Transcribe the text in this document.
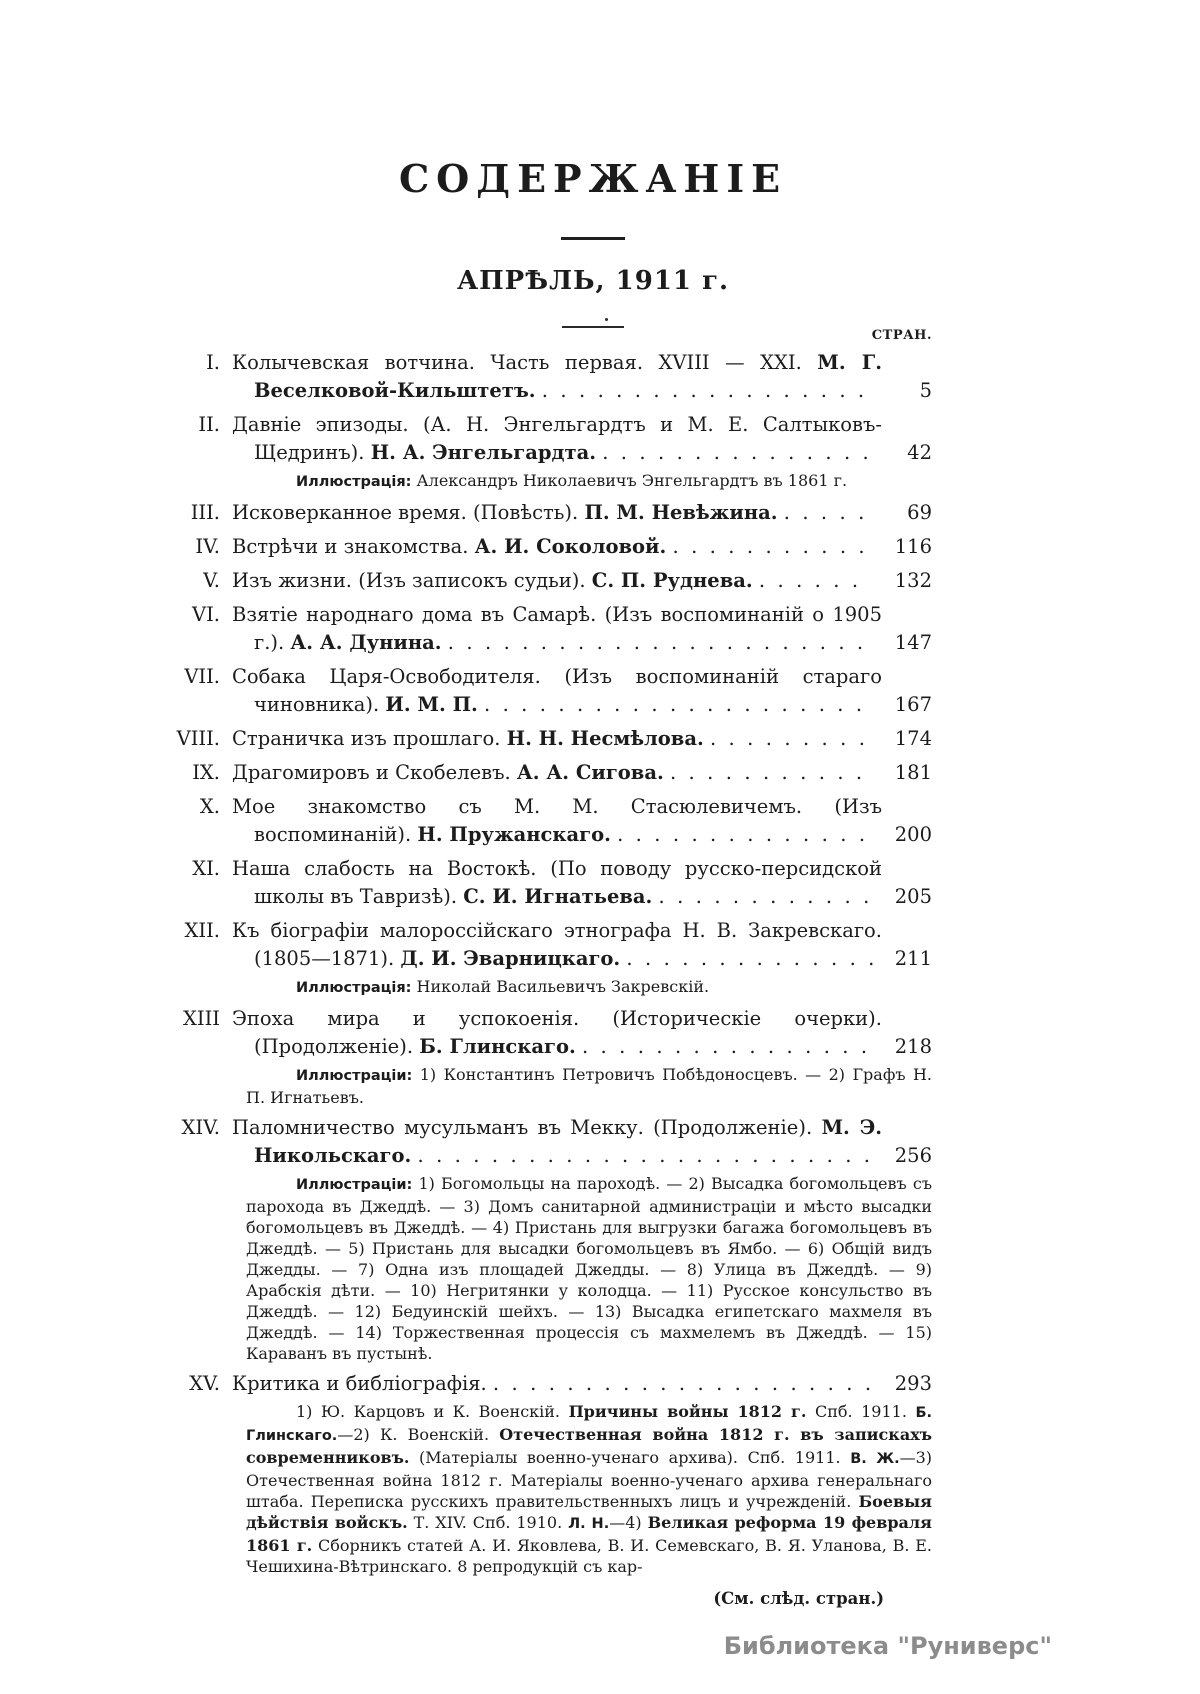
СОДЕРЖАНІЕ
АПРѢЛЬ, 1911 г.
СТРАН.
I. Колычевская вотчина. Часть первая. XVIII — XXI. М. Г. Веселковой-Кильштетъ. .  .  .  .  .  .  .  .  .  .  .  .  .  .  .  .  .  .	5
II. Давніе эпизоды. (А. Н. Энгельгардтъ и М. Е. Салтыковъ-Щедринъ). Н. А. Энгельгардта. .  .  .  .  .  .  .  .  .  .  .  .  .  .  .	42
Иллюстрація: Александръ Николаевичъ Энгельгардтъ въ 1861 г.
III. Исковерканное время. (Повѣсть). П. М. Невѣжина. .  .  .  .  .	69
IV. Встрѣчи и знакомства. А. И. Соколовой. .  .  .  .  .  .  .  .  .  .  .	116
V. Изъ жизни. (Изъ записокъ судьи). С. П. Руднева. .  .  .  .  .  .	132
VI. Взятіе народнаго дома въ Самарѣ. (Изъ воспоминаній о 1905 г.). А. А. Дунина. .  .  .  .  .  .  .  .  .  .  .  .  .  .  .  .  .  .  .  .  .  .  .	147
VII. Собака Царя-Освободителя. (Изъ воспоминаній стараго чиновника). И. М. П. .  .  .  .  .  .  .  .  .  .  .  .  .  .  .  .  .  .  .  .  .	167
VIII. Страничка изъ прошлаго. Н. Н. Несмѣлова. .  .  .  .  .  .  .  .  .	174
IX. Драгомировъ и Скобелевъ. А. А. Сигова. .  .  .  .  .  .  .  .  .  .  .	181
X. Мое знакомство съ М. М. Стасюлевичемъ. (Изъ воспоминаній). Н. Пружанскаго. .  .  .  .  .  .  .  .  .  .  .  .  .  .	200
XI. Наша слабость на Востокѣ. (По поводу русско-персидской школы въ Тавризѣ). С. И. Игнатьева. .  .  .  .  .  .  .  .  .  .  .  . 205
XII. Къ біографіи малороссійскаго этнографа Н. В. Закревскаго. (1805—1871). Д. И. Эварницкаго. .  .  .  .  .  .  .  .  .  .  .  .  .  . 211
Иллюстрація: Николай Васильевичъ Закревскій.
XIII Эпоха мира и успокоенія. (Историческіе очерки). (Продолженіе). Б. Глинскаго. .  .  .  .  .  .  .  .  .  .  .  .  .  .  .  .	218
Иллюстраціи: 1) Константинъ Петровичъ Побѣдоносцевъ. — 2) Графъ Н. П. Игнатьевъ.
XIV. Паломничество мусульманъ въ Мекку. (Продолженіе). М. Э. Никольскаго. .  .  .  .  .  .  .  .  .  .  .  .  .  .  .  .  .  .  .  .  .  .  .  .  . 256
Иллюстраціи: 1) Богомольцы на пароходѣ. — 2) Высадка богомольцевъ съ парохода въ Джеддѣ. — 3) Домъ санитарной администраціи и мѣсто высадки богомольцевъ въ Джеддѣ. — 4) Пристань для выгрузки багажа богомольцевъ въ Джеддѣ. — 5) Пристань для высадки богомольцевъ въ Ямбо. — 6) Общій видъ Джедды. — 7) Одна изъ площадей Джедды. — 8) Улица въ Джеддѣ. — 9) Арабскія дѣти. — 10) Негритянки у колодца. — 11) Русское консульство въ Джеддѣ. — 12) Бедуинскій шейхъ. — 13) Высадка египетскаго махмеля въ Джеддѣ. — 14) Торжественная процессія съ махмелемъ въ Джеддѣ. — 15) Караванъ въ пустынѣ.
XV. Критика и библіографія. .  .  .  .  .  .  .  .  .  .  .  .  .  .  .  .  .  .  .  .  . 293
1) Ю. Карцовъ и К. Военскій. Причины войны 1812 г. Спб. 1911. Б. Глинскаго.—2) К. Военскій. Отечественная война 1812 г. въ запискахъ современниковъ. (Матеріалы военно-ученаго архива). Спб. 1911. В. Ж.—3) Отечественная война 1812 г. Матеріалы военно-ученаго архива генеральнаго штаба. Переписка русскихъ правительственныхъ лицъ и учрежденій. Боевыя дѣйствія войскъ. Т. XIV. Спб. 1910. Л. Н.—4) Великая реформа 19 февраля 1861 г. Сборникъ статей А. И. Яковлева, В. И. Семевскаго, В. Я. Уланова, В. Е. Чешихина-Вѣтринскаго. 8 репродукцій съ кар-
(См. слѣд. стран.)
Библиотека "Руниверс"
